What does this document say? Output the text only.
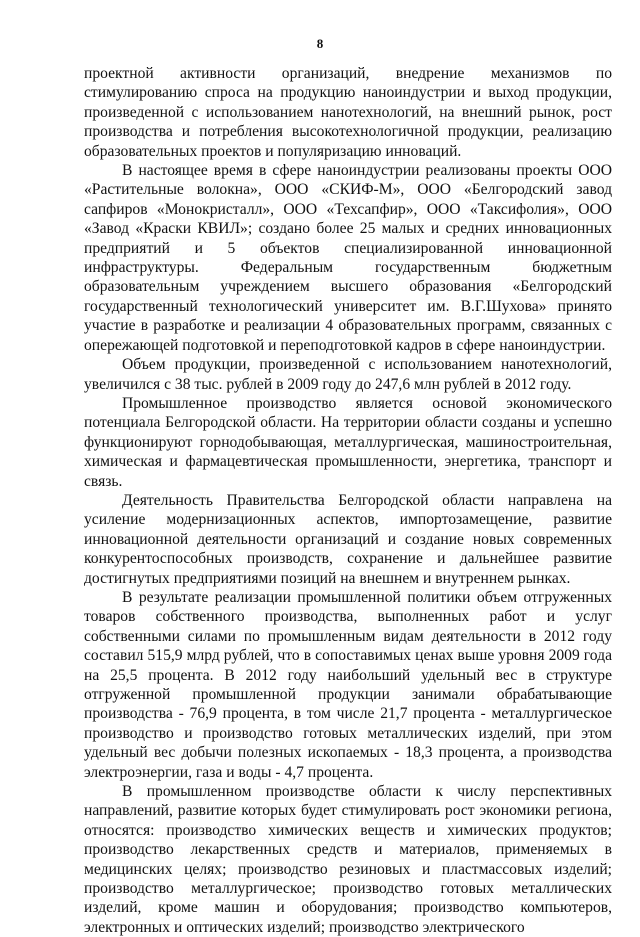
8

проектной активности организаций, внедрение механизмов по стимулированию спроса на продукцию наноиндустрии и выход продукции, произведенной с использованием нанотехнологий, на внешний рынок, рост производства и потребления высокотехнологичной продукции, реализацию образовательных проектов и популяризацию инноваций.

В настоящее время в сфере наноиндустрии реализованы проекты ООО «Растительные волокна», ООО «СКИФ-М», ООО «Белгородский завод сапфиров «Монокристалл», ООО «Техсапфир», ООО «Таксифолия», ООО «Завод «Краски КВИЛ»; создано более 25 малых и средних инновационных предприятий и 5 объектов специализированной инновационной инфраструктуры. Федеральным государственным бюджетным образовательным учреждением высшего образования «Белгородский государственный технологический университет им. В.Г.Шухова» принято участие в разработке и реализации 4 образовательных программ, связанных с опережающей подготовкой и переподготовкой кадров в сфере наноиндустрии.

Объем продукции, произведенной с использованием нанотехнологий, увеличился с 38 тыс. рублей в 2009 году до 247,6 млн рублей в 2012 году.

Промышленное производство является основой экономического потенциала Белгородской области. На территории области созданы и успешно функционируют горнодобывающая, металлургическая, машиностроительная, химическая и фармацевтическая промышленности, энергетика, транспорт и связь.

Деятельность Правительства Белгородской области направлена на усиление модернизационных аспектов, импортозамещение, развитие инновационной деятельности организаций и создание новых современных конкурентоспособных производств, сохранение и дальнейшее развитие достигнутых предприятиями позиций на внешнем и внутреннем рынках.

В результате реализации промышленной политики объем отгруженных товаров собственного производства, выполненных работ и услуг собственными силами по промышленным видам деятельности в 2012 году составил 515,9 млрд рублей, что в сопоставимых ценах выше уровня 2009 года на 25,5 процента. В 2012 году наибольший удельный вес в структуре отгруженной промышленной продукции занимали обрабатывающие производства - 76,9 процента, в том числе 21,7 процента - металлургическое производство и производство готовых металлических изделий, при этом удельный вес добычи полезных ископаемых - 18,3 процента, а производства электроэнергии, газа и воды - 4,7 процента.

В промышленном производстве области к числу перспективных направлений, развитие которых будет стимулировать рост экономики региона, относятся: производство химических веществ и химических продуктов; производство лекарственных средств и материалов, применяемых в медицинских целях; производство резиновых и пластмассовых изделий; производство металлургическое; производство готовых металлических изделий, кроме машин и оборудования; производство компьютеров, электронных и оптических изделий; производство электрического
